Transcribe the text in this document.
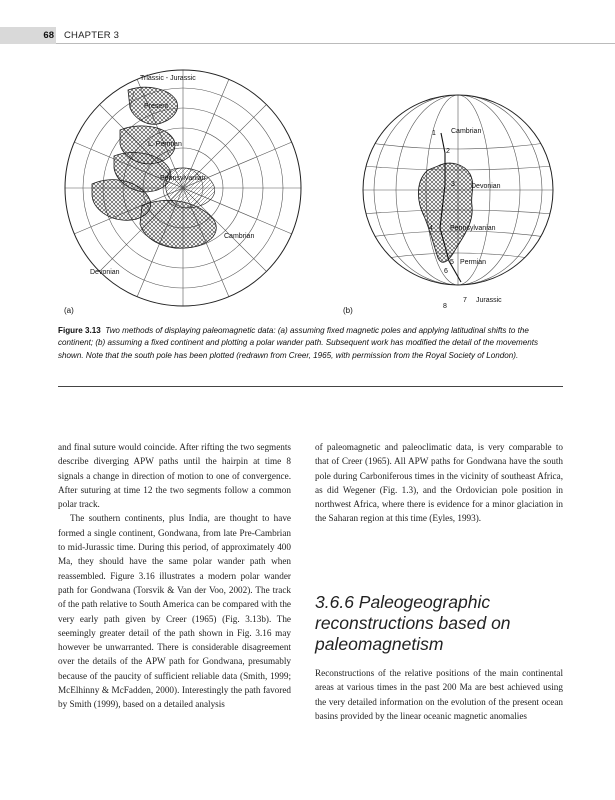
68 CHAPTER 3
Triassic - Jurassic
Present
L. Permian
Pennsylvanian
Cambrian
Devonian
(a)
1
2
3
4
5
6
7
8
Cambrian
Devonian
Pennsylvanian
Permian
Jurassic
(b)
Figure 3.13 Two methods of displaying paleomagnetic data: (a) assuming fixed magnetic poles and applying latitudinal shifts to the continent; (b) assuming a fixed continent and plotting a polar wander path. Subsequent work has modified the detail of the movements shown. Note that the south pole has been plotted (redrawn from Creer, 1965, with permission from the Royal Society of London).

and final suture would coincide. After rifting the two segments describe diverging APW paths until the hairpin at time 8 signals a change in direction of motion to one of convergence. After suturing at time 12 the two segments follow a common polar track.

The southern continents, plus India, are thought to have formed a single continent, Gondwana, from late Pre-Cambrian to mid-Jurassic time. During this period, of approximately 400 Ma, they should have the same polar wander path when reassembled. Figure 3.16 illustrates a modern polar wander path for Gondwana (Torsvik & Van der Voo, 2002). The track of the path relative to South America can be compared with the very early path given by Creer (1965) (Fig. 3.13b). The seemingly greater detail of the path shown in Fig. 3.16 may however be unwarranted. There is considerable disagreement over the details of the APW path for Gondwana, presumably because of the paucity of sufficient reliable data (Smith, 1999; McElhinny & McFadden, 2000). Interestingly the path favored by Smith (1999), based on a detailed analysis

of paleomagnetic and paleoclimatic data, is very comparable to that of Creer (1965). All APW paths for Gondwana have the south pole during Carboniferous times in the vicinity of southeast Africa, as did Wegener (Fig. 1.3), and the Ordovician pole position in northwest Africa, where there is evidence for a minor glaciation in the Saharan region at this time (Eyles, 1993).

3.6.6 Paleogeographic reconstructions based on paleomagnetism

Reconstructions of the relative positions of the main continental areas at various times in the past 200 Ma are best achieved using the very detailed information on the evolution of the present ocean basins provided by the linear oceanic magnetic anomalies
